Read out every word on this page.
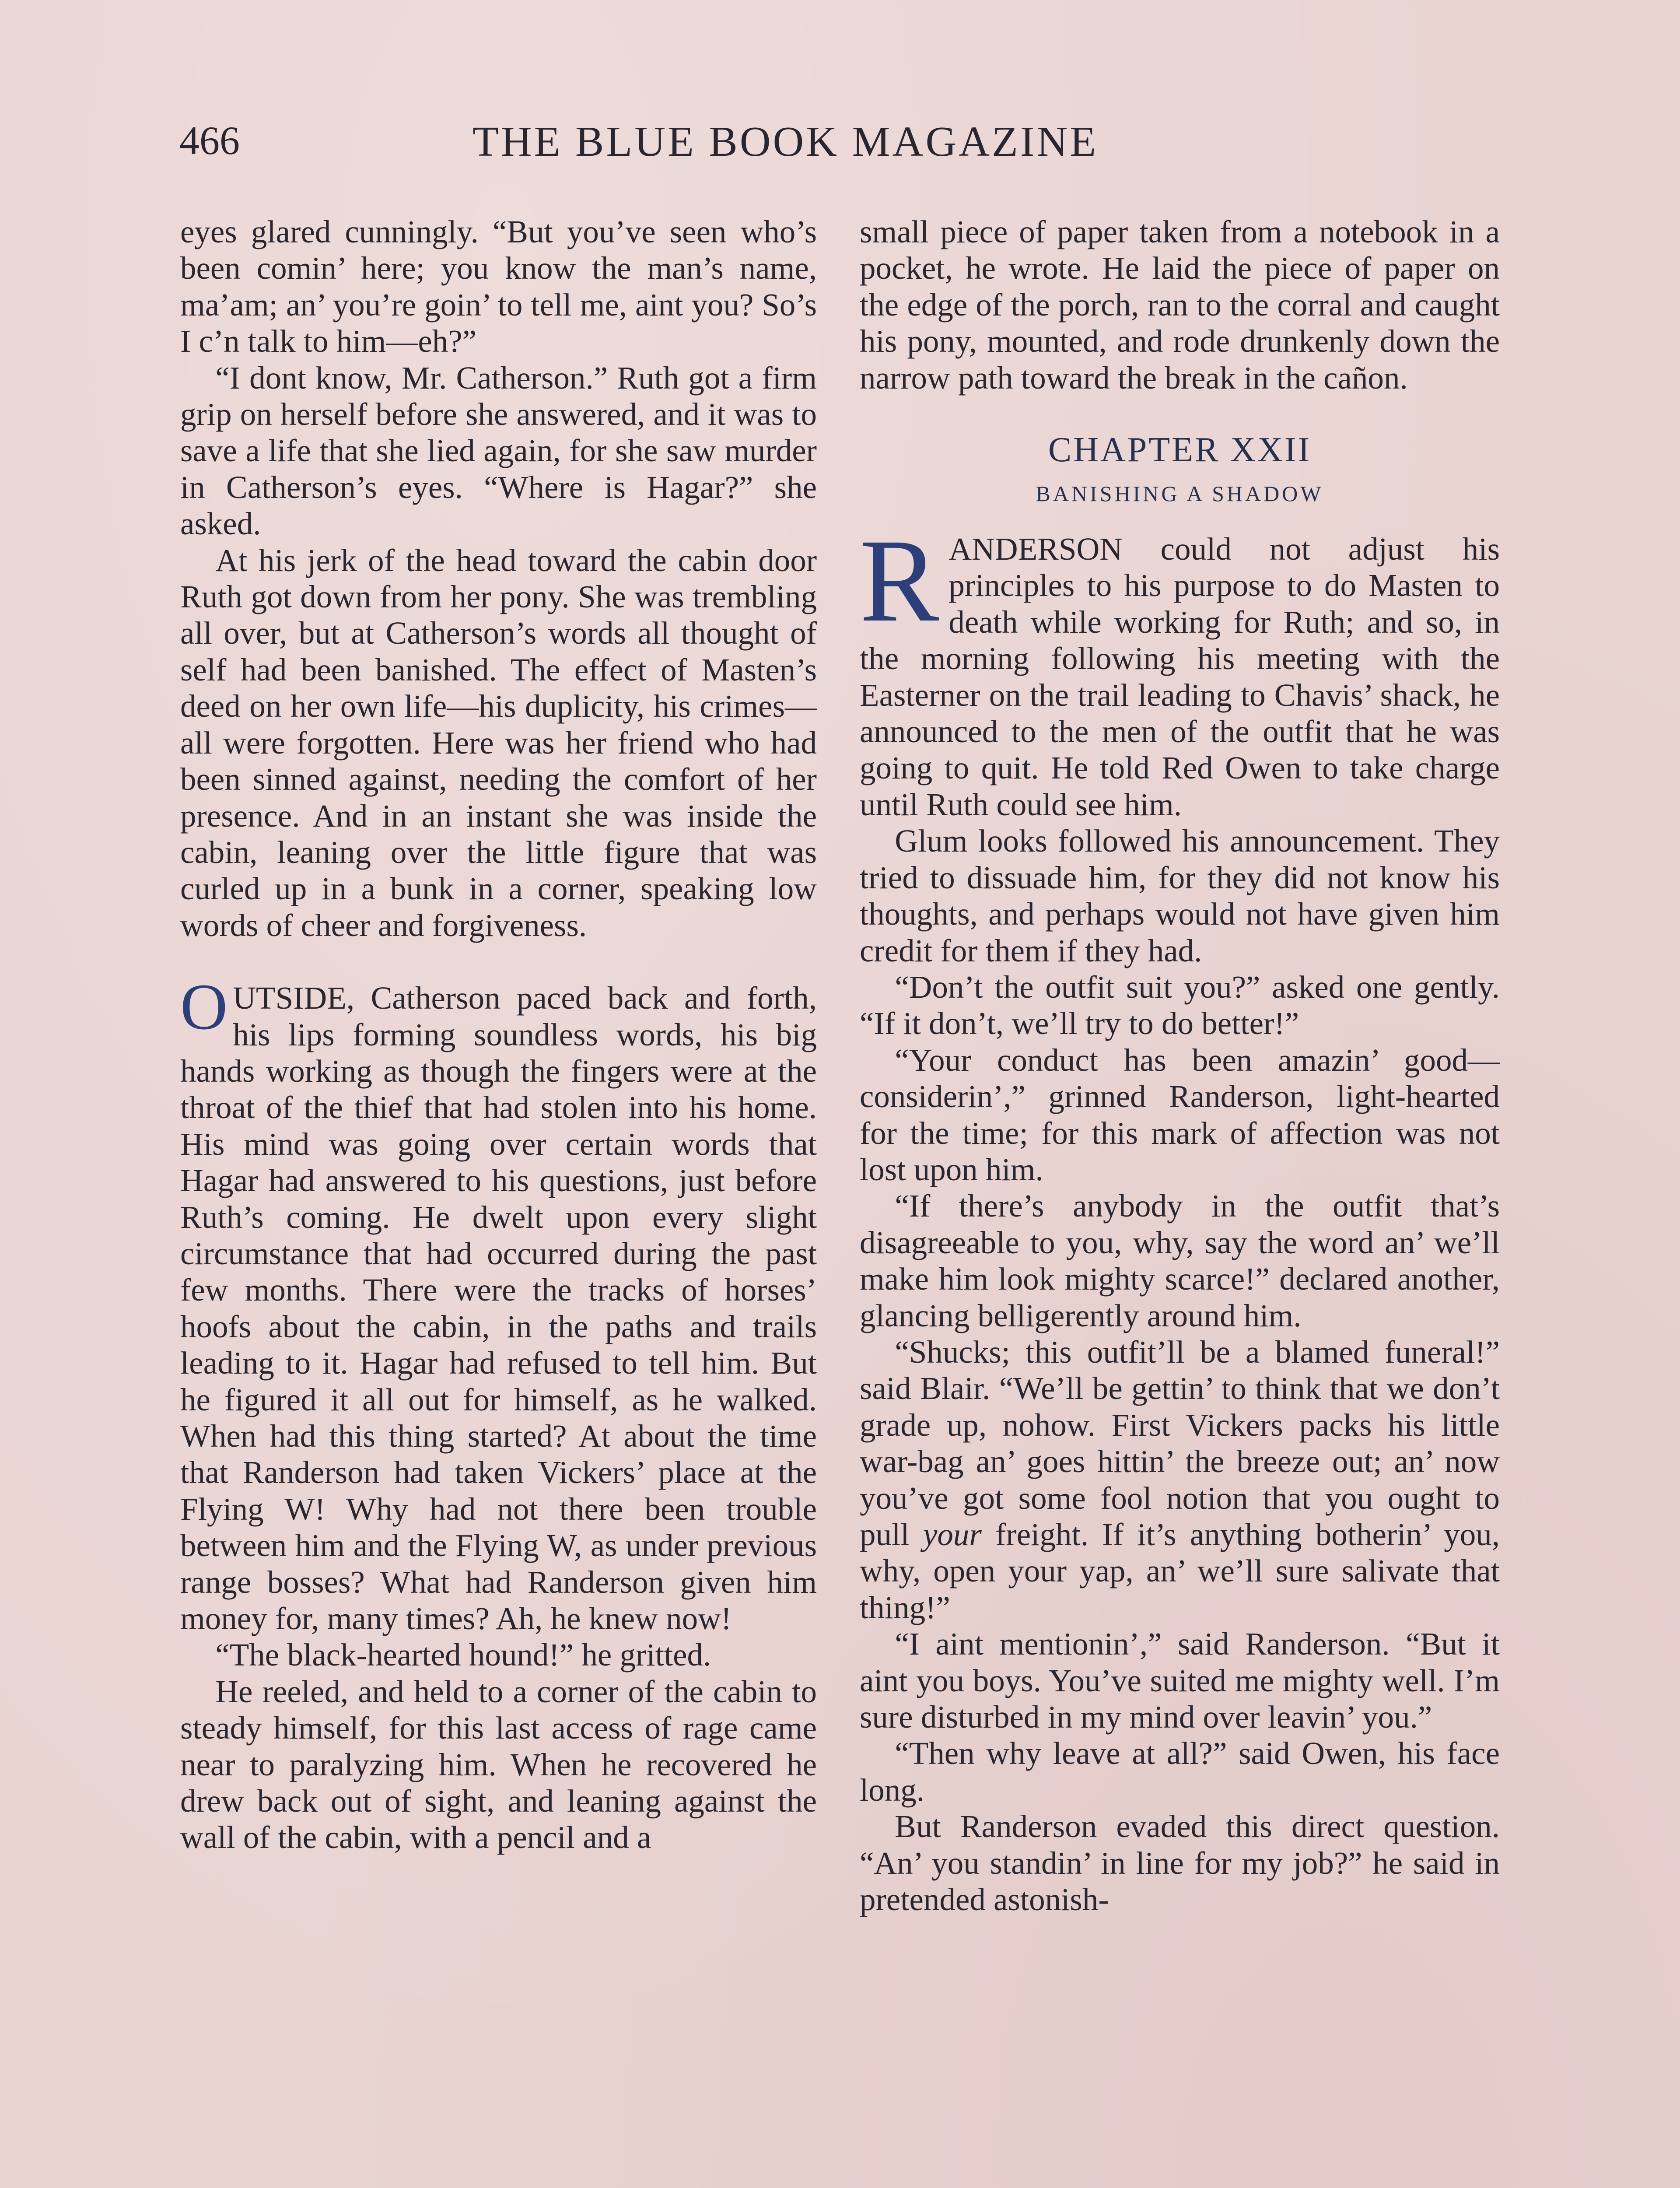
466	THE BLUE BOOK MAGAZINE

eyes glared cunningly. “But you’ve seen who’s been comin’ here; you know the man’s name, ma’am; an’ you’re goin’ to tell me, aint you? So’s I c’n talk to him—eh?”

“I dont know, Mr. Catherson.” Ruth got a firm grip on herself before she answered, and it was to save a life that she lied again, for she saw murder in Catherson’s eyes. “Where is Hagar?” she asked.

At his jerk of the head toward the cabin door Ruth got down from her pony. She was trembling all over, but at Catherson’s words all thought of self had been banished. The effect of Masten’s deed on her own life—his duplicity, his crimes—all were forgotten. Here was her friend who had been sinned against, needing the comfort of her presence. And in an instant she was inside the cabin, leaning over the little figure that was curled up in a bunk in a corner, speaking low words of cheer and forgiveness.

OUTSIDE, Catherson paced back and forth, his lips forming soundless words, his big hands working as though the fingers were at the throat of the thief that had stolen into his home. His mind was going over certain words that Hagar had answered to his questions, just before Ruth’s coming. He dwelt upon every slight circumstance that had occurred during the past few months. There were the tracks of horses’ hoofs about the cabin, in the paths and trails leading to it. Hagar had refused to tell him. But he figured it all out for himself, as he walked. When had this thing started? At about the time that Randerson had taken Vickers’ place at the Flying W! Why had not there been trouble between him and the Flying W, as under previous range bosses? What had Randerson given him money for, many times? Ah, he knew now!

“The black-hearted hound!” he gritted.

He reeled, and held to a corner of the cabin to steady himself, for this last access of rage came near to paralyzing him. When he recovered he drew back out of sight, and leaning against the wall of the cabin, with a pencil and a

small piece of paper taken from a notebook in a pocket, he wrote. He laid the piece of paper on the edge of the porch, ran to the corral and caught his pony, mounted, and rode drunkenly down the narrow path toward the break in the cañon.

CHAPTER XXII
BANISHING A SHADOW

RANDERSON could not adjust his principles to his purpose to do Masten to death while working for Ruth; and so, in the morning following his meeting with the Easterner on the trail leading to Chavis’ shack, he announced to the men of the outfit that he was going to quit. He told Red Owen to take charge until Ruth could see him.

Glum looks followed his announcement. They tried to dissuade him, for they did not know his thoughts, and perhaps would not have given him credit for them if they had.

“Don’t the outfit suit you?” asked one gently. “If it don’t, we’ll try to do better!”

“Your conduct has been amazin’ good—considerin’,” grinned Randerson, light-hearted for the time; for this mark of affection was not lost upon him.

“If there’s anybody in the outfit that’s disagreeable to you, why, say the word an’ we’ll make him look mighty scarce!” declared another, glancing belligerently around him.

“Shucks; this outfit’ll be a blamed funeral!” said Blair. “We’ll be gettin’ to think that we don’t grade up, nohow. First Vickers packs his little war-bag an’ goes hittin’ the breeze out; an’ now you’ve got some fool notion that you ought to pull your freight. If it’s anything botherin’ you, why, open your yap, an’ we’ll sure salivate that thing!”

“I aint mentionin’,” said Randerson. “But it aint you boys. You’ve suited me mighty well. I’m sure disturbed in my mind over leavin’ you.”

“Then why leave at all?” said Owen, his face long.

But Randerson evaded this direct question. “An’ you standin’ in line for my job?” he said in pretended astonish-
